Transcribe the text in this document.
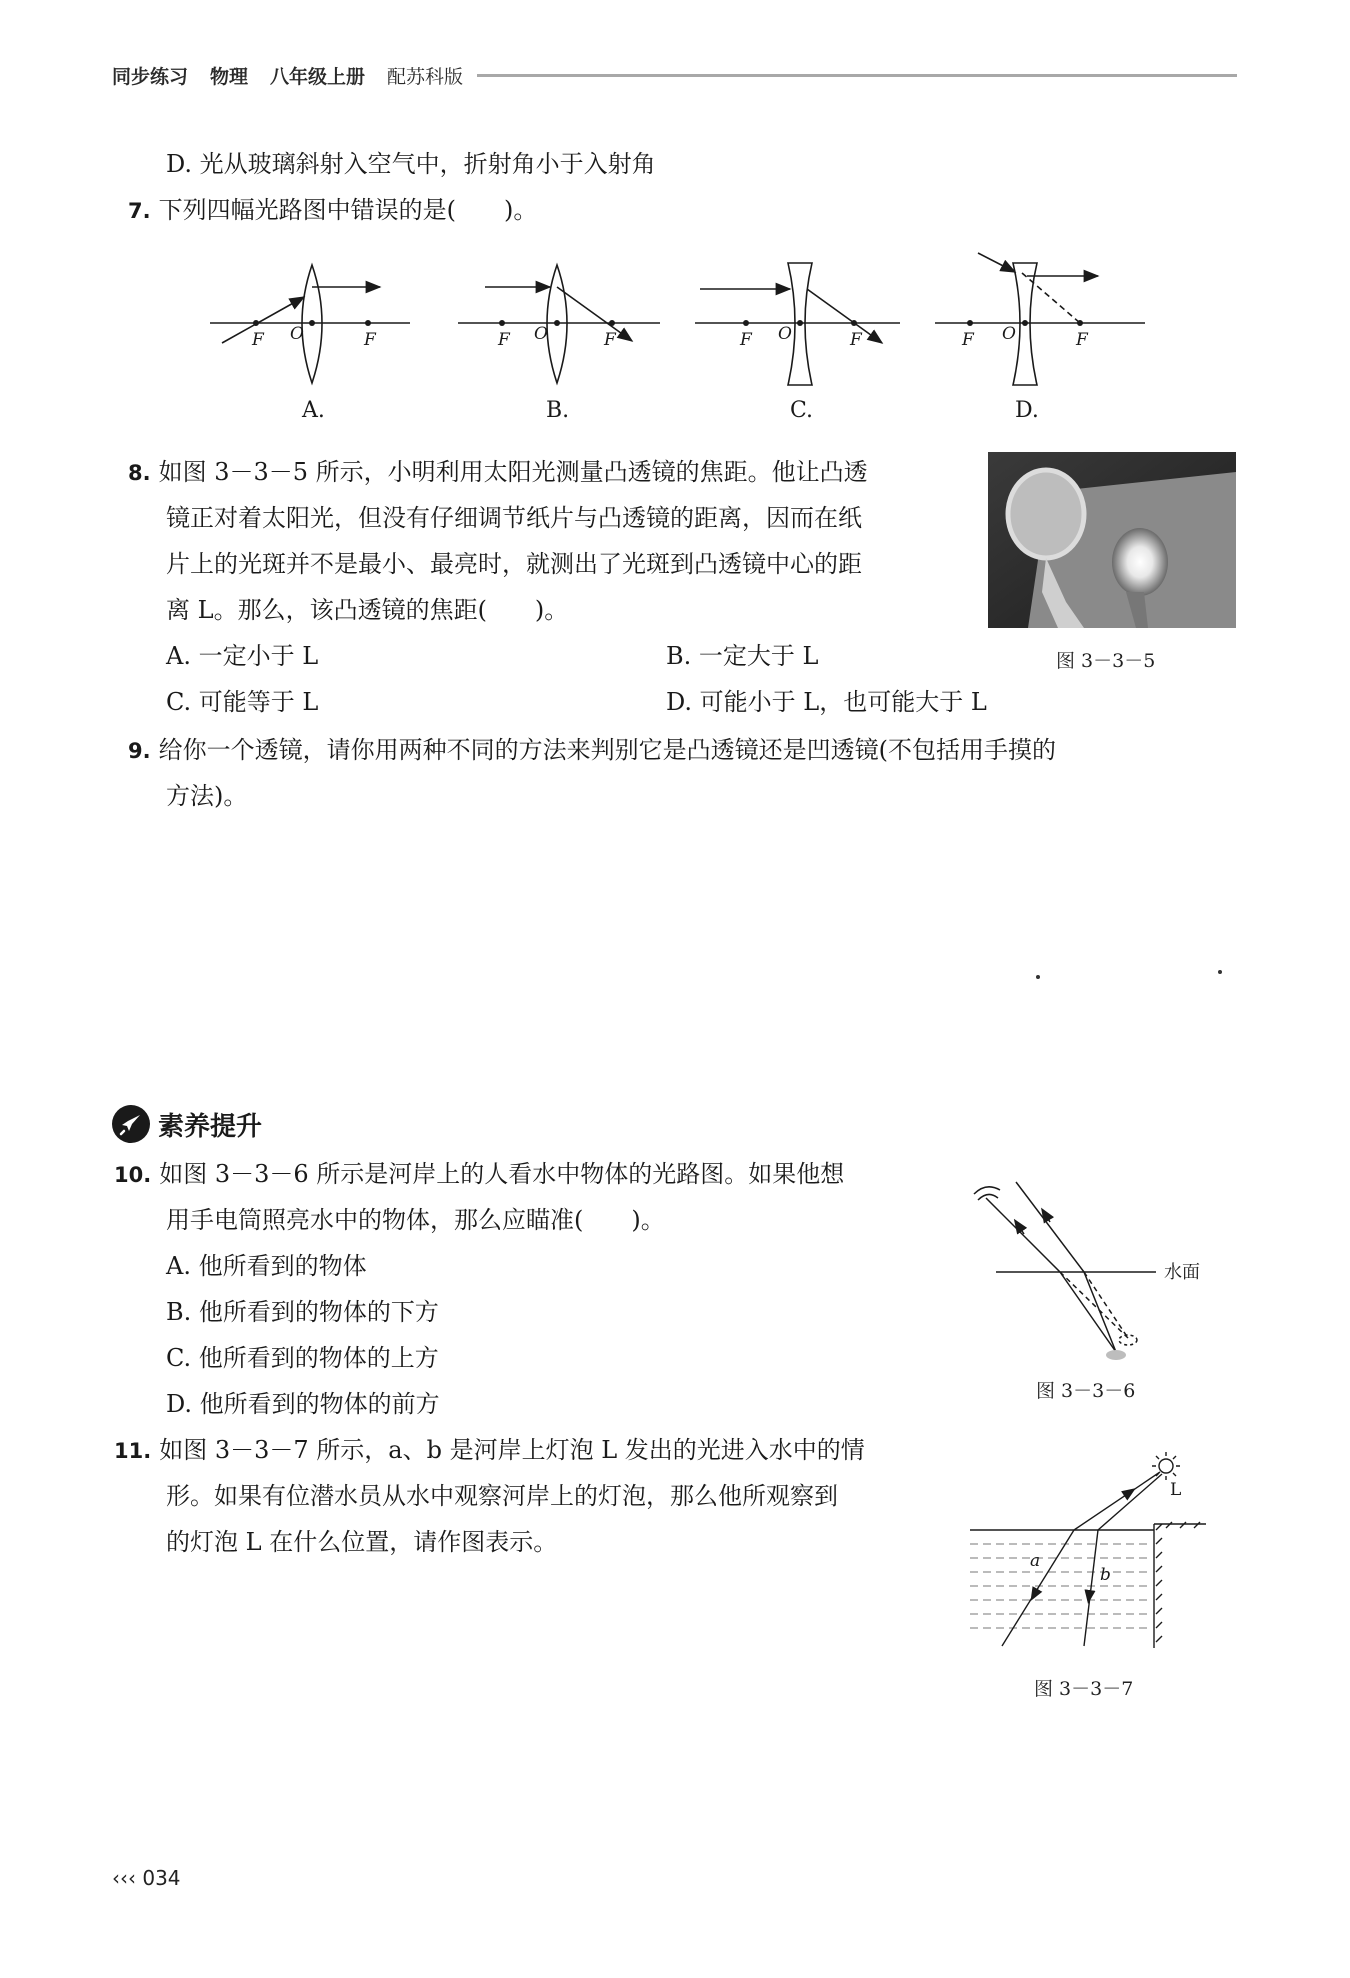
同步练习 物理 八年级上册 配苏科版
D. 光从玻璃斜射入空气中，折射角小于入射角
7. 下列四幅光路图中错误的是(　　)。
F O	F	F O	F	F O	F	F O	F
A.	B.	C.	D.
8. 如图 3－3－5 所示，小明利用太阳光测量凸透镜的焦距。他让凸透
镜正对着太阳光，但没有仔细调节纸片与凸透镜的距离，因而在纸
片上的光斑并不是最小、最亮时，就测出了光斑到凸透镜中心的距
离 L。那么，该凸透镜的焦距(　　)。
A. 一定小于 L	B. 一定大于 L
C. 可能等于 L	D. 可能小于 L，也可能大于 L
图 3－3－5
9. 给你一个透镜，请你用两种不同的方法来判别它是凸透镜还是凹透镜(不包括用手摸的
方法)。
素养提升
10. 如图 3－3－6 所示是河岸上的人看水中物体的光路图。如果他想
用手电筒照亮水中的物体，那么应瞄准(　　)。
A. 他所看到的物体
B. 他所看到的物体的下方
C. 他所看到的物体的上方
D. 他所看到的物体的前方
水面
图 3－3－6
11. 如图 3－3－7 所示，a、b 是河岸上灯泡 L 发出的光进入水中的情
形。如果有位潜水员从水中观察河岸上的灯泡，那么他所观察到
的灯泡 L 在什么位置，请作图表示。
L
a
b
图 3－3－7
‹‹‹ 034
